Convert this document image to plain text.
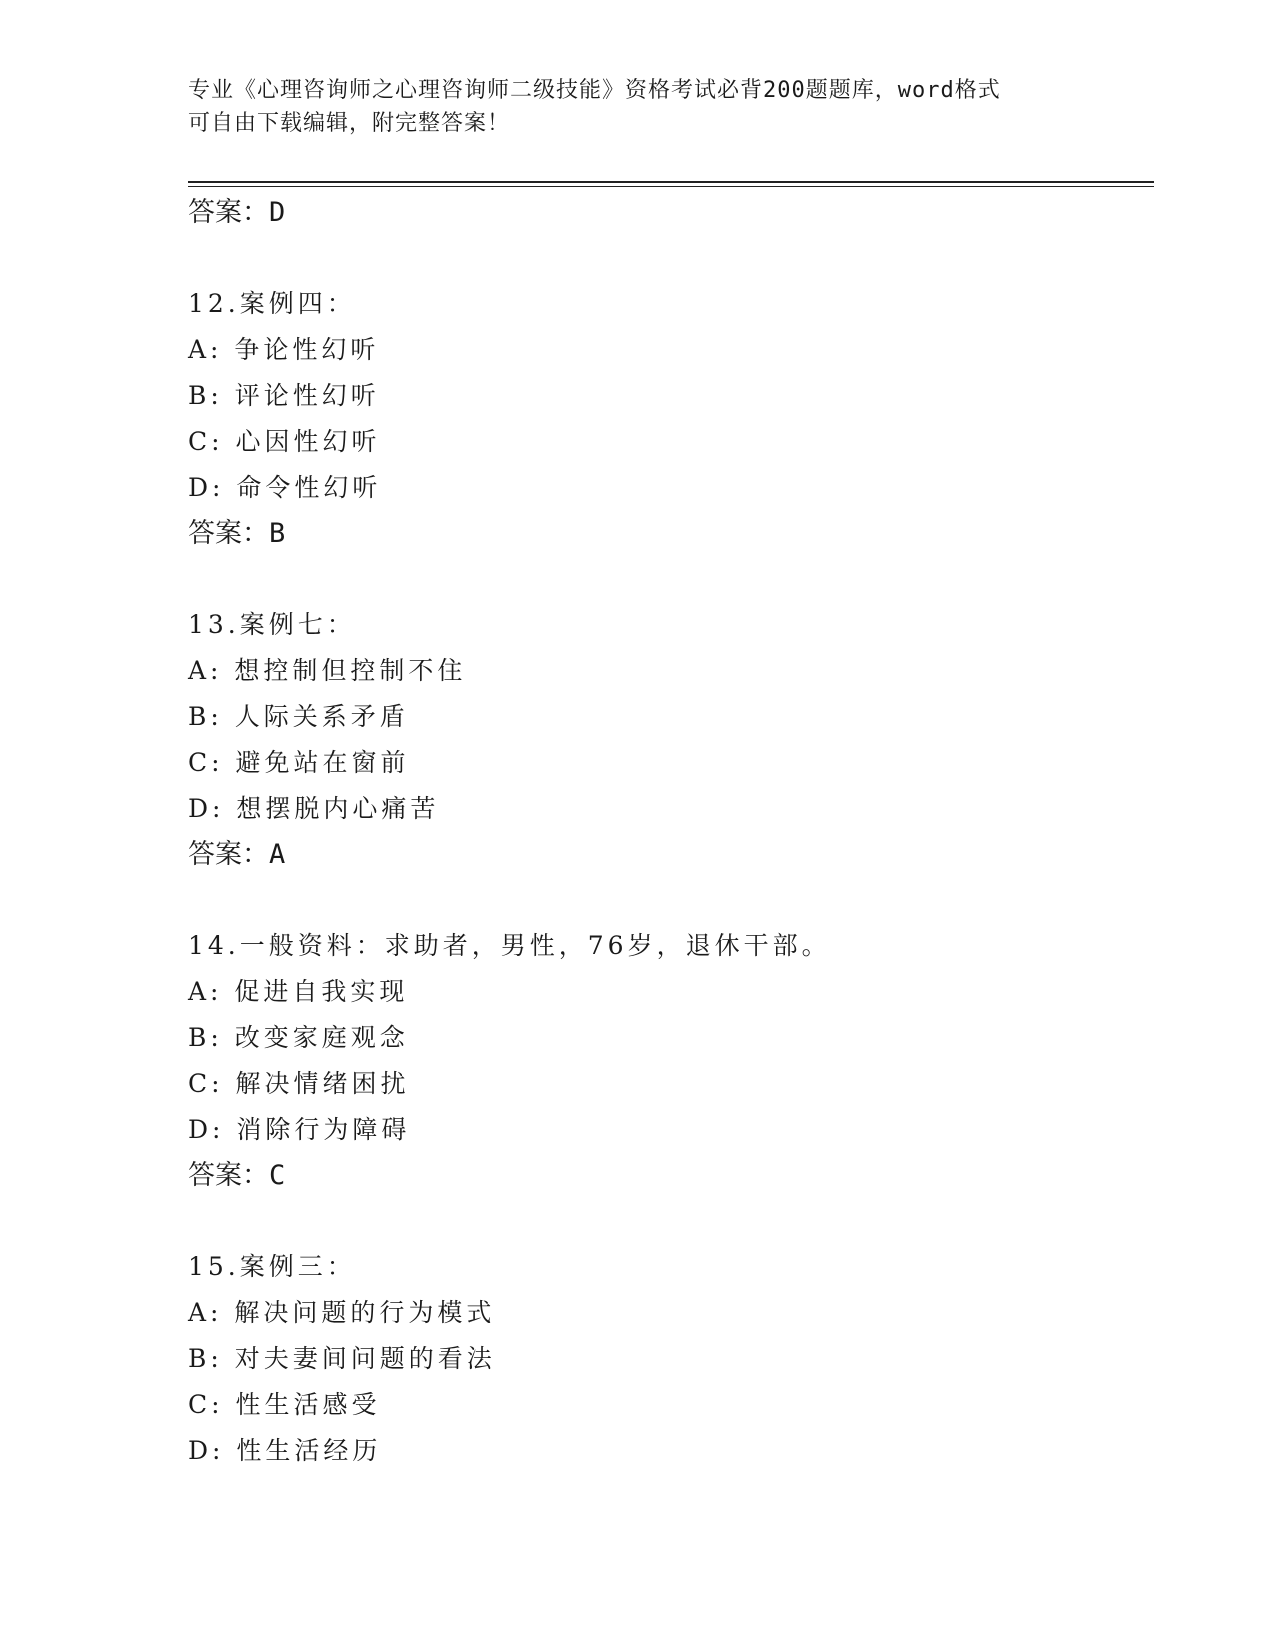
专业《心理咨询师之心理咨询师二级技能》资格考试必背200题题库，word格式
可自由下载编辑，附完整答案！
答案：D
12.案例四：
A: 争论性幻听
B: 评论性幻听
C: 心因性幻听
D: 命令性幻听
答案：B
13.案例七：
A: 想控制但控制不住
B: 人际关系矛盾
C: 避免站在窗前
D: 想摆脱内心痛苦
答案：A
14.一般资料：求助者，男性，76岁，退休干部。
A: 促进自我实现
B: 改变家庭观念
C: 解决情绪困扰
D: 消除行为障碍
答案：C
15.案例三：
A: 解决问题的行为模式
B: 对夫妻间问题的看法
C: 性生活感受
D: 性生活经历
